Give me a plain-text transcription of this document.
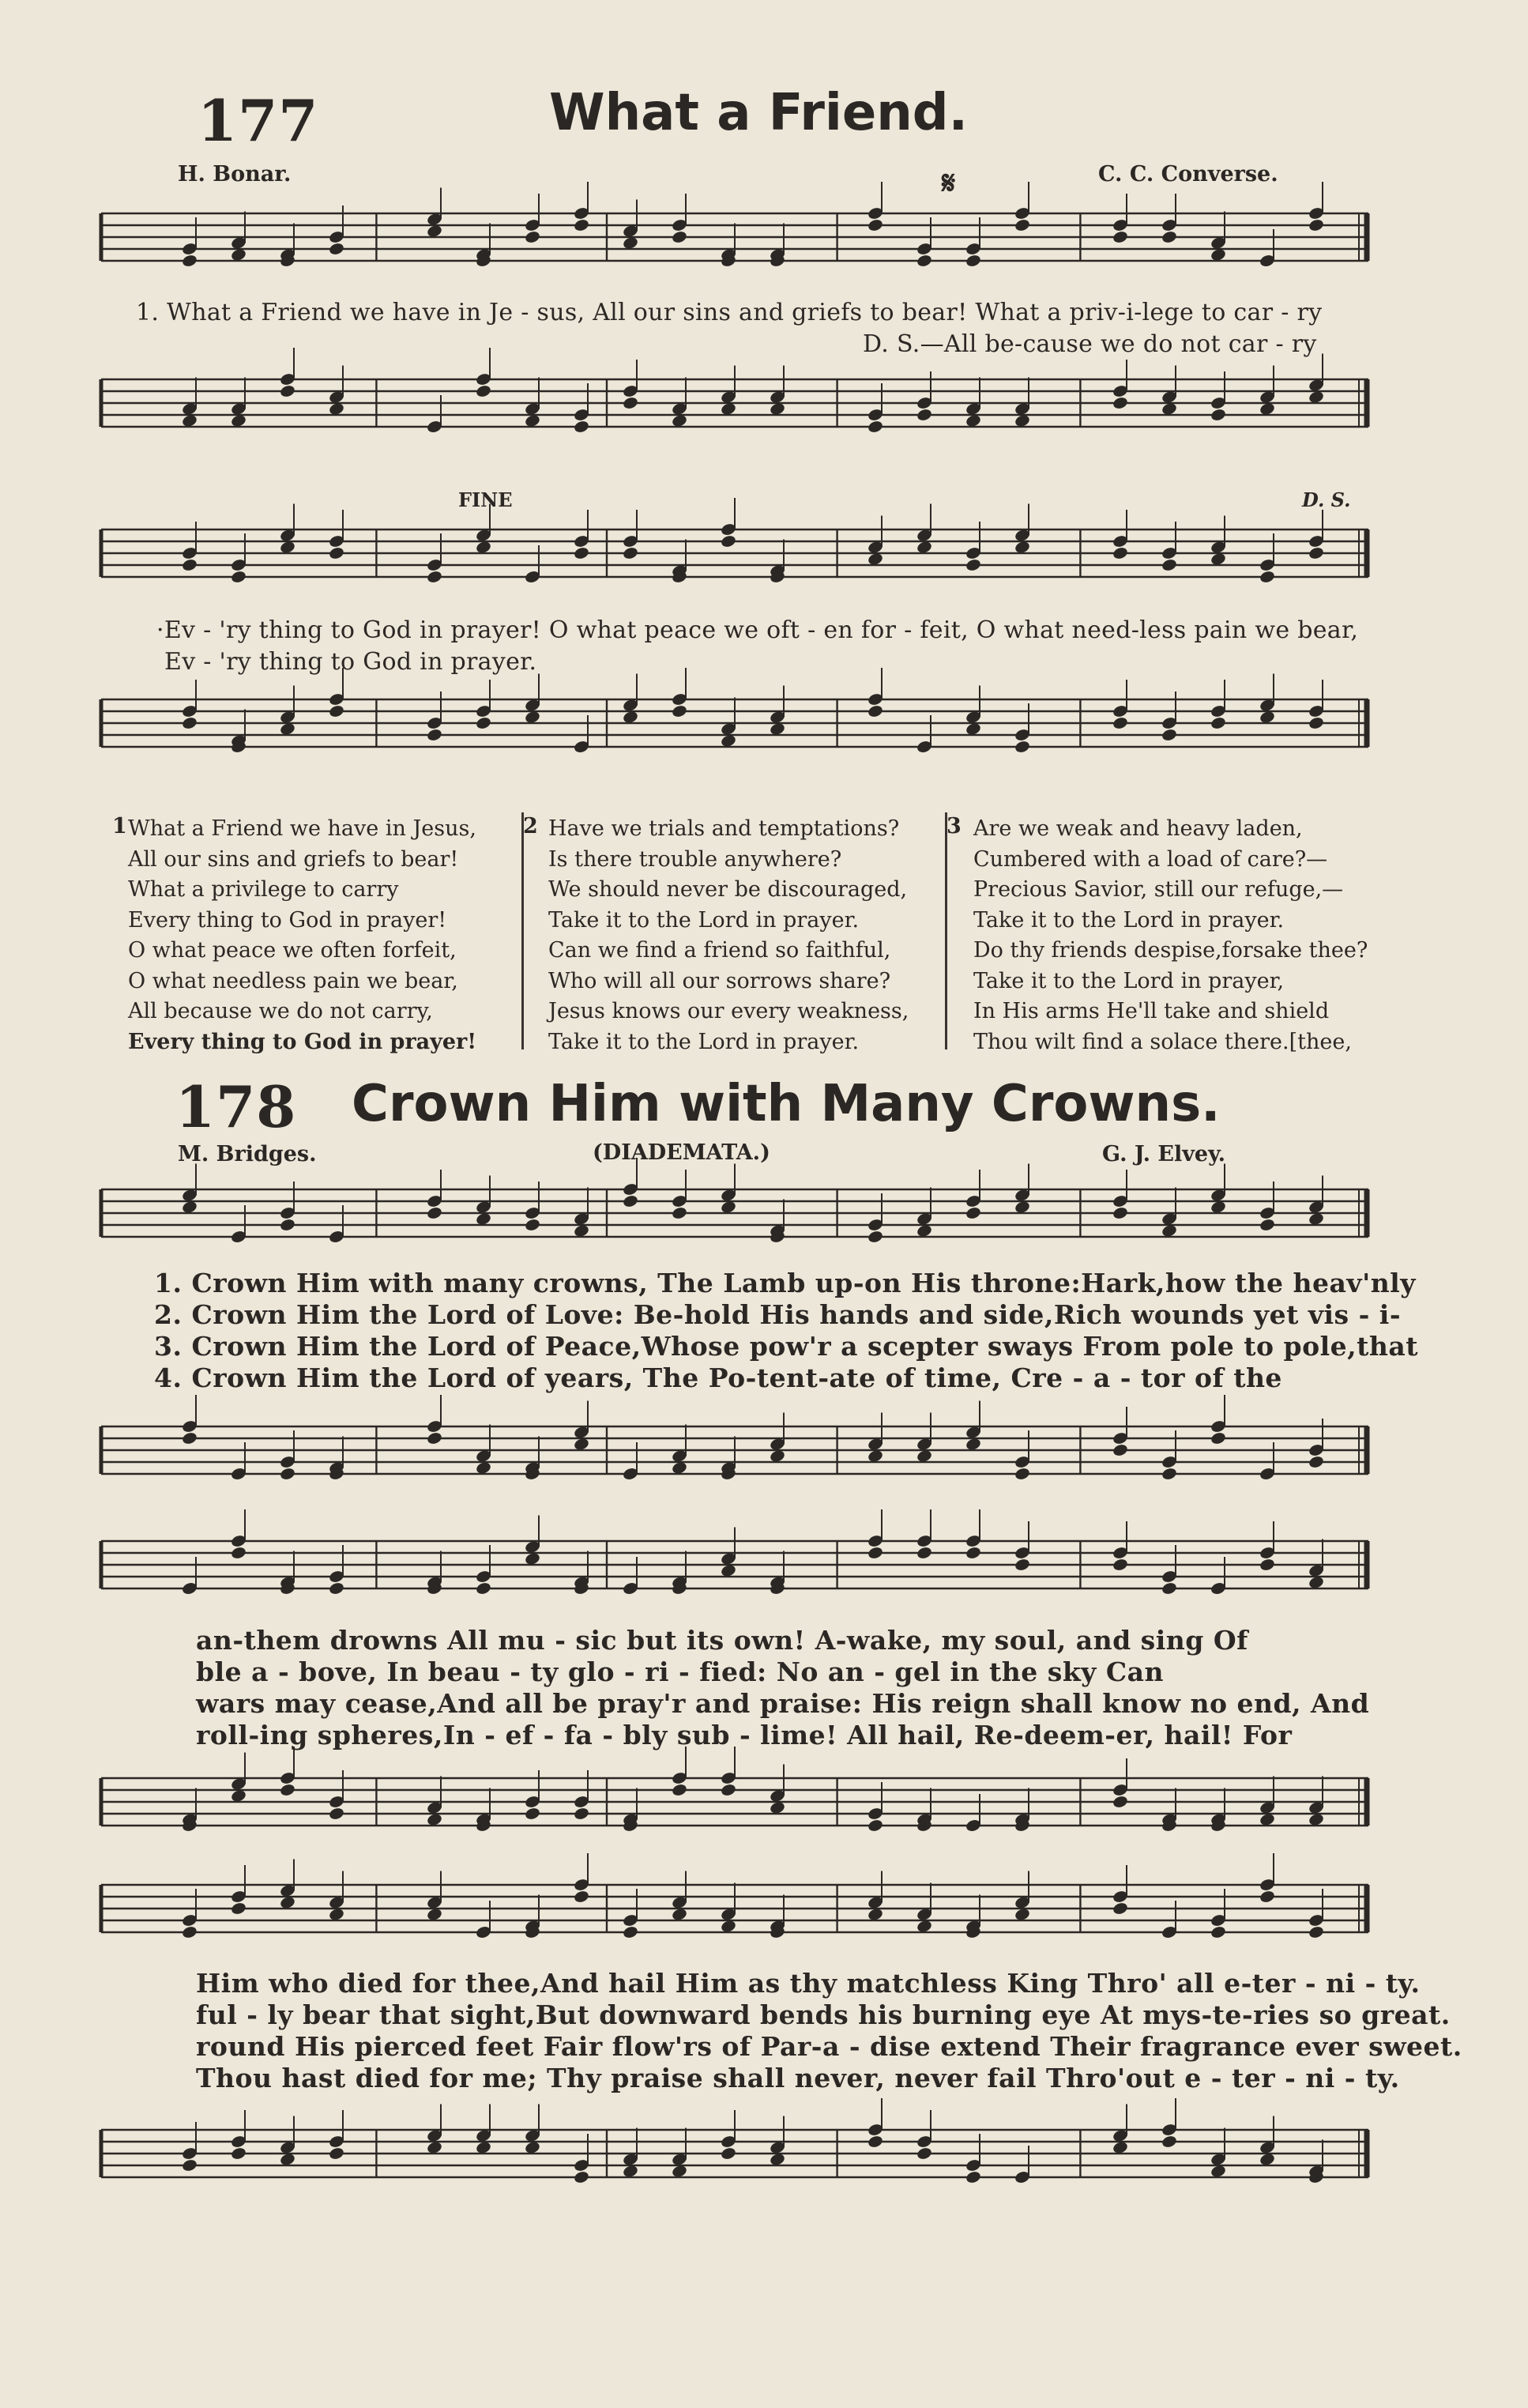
177	What a Friend.
H. Bonar.	C. C. Converse.
𝄋
1. What a Friend we have in Je - sus, All our sins and griefs to bear! What a priv-i-lege to car - ry
D. S.—All be-cause we do not car - ry
FINE	D. S.
·Ev - 'ry thing to God in prayer! O what peace we oft - en for - feit, O what need-less pain we bear,
Ev - 'ry thing to God in prayer.
1 What a Friend we have in Jesus,
All our sins and griefs to bear!
What a privilege to carry
Every thing to God in prayer!
O what peace we often forfeit,
O what needless pain we bear,
All because we do not carry,
Every thing to God in prayer!
2 Have we trials and temptations?
Is there trouble anywhere?
We should never be discouraged,
Take it to the Lord in prayer.
Can we find a friend so faithful,
Who will all our sorrows share?
Jesus knows our every weakness,
Take it to the Lord in prayer.
3 Are we weak and heavy laden,
Cumbered with a load of care?—
Precious Savior, still our refuge,—
Take it to the Lord in prayer.
Do thy friends despise,forsake thee?
Take it to the Lord in prayer,
In His arms He'll take and shield
Thou wilt find a solace there.[thee,
178 Crown Him with Many Crowns.
M. Bridges.	(DIADEMATA.)	G. J. Elvey.
1. Crown Him with many crowns, The Lamb up-on His throne:Hark,how the heav'nly
2. Crown Him the Lord of Love: Be-hold His hands and side,Rich wounds yet vis - i-
3. Crown Him the Lord of Peace,Whose pow'r a scepter sways From pole to pole,that
4. Crown Him the Lord of years, The Po-tent-ate of time, Cre - a - tor of the
an-them drowns All mu - sic but its own! A-wake, my soul, and sing Of
ble a - bove, In beau - ty glo - ri - fied: No an - gel in the sky Can
wars may cease,And all be pray'r and praise: His reign shall know no end, And
roll-ing spheres,In - ef - fa - bly sub - lime! All hail, Re-deem-er, hail! For
Him who died for thee,And hail Him as thy matchless King Thro' all e-ter - ni - ty.
ful - ly bear that sight,But downward bends his burning eye At mys-te-ries so great.
round His pierced feet Fair flow'rs of Par-a - dise extend Their fragrance ever sweet.
Thou hast died for me; Thy praise shall never, never fail Thro'out e - ter - ni - ty.
